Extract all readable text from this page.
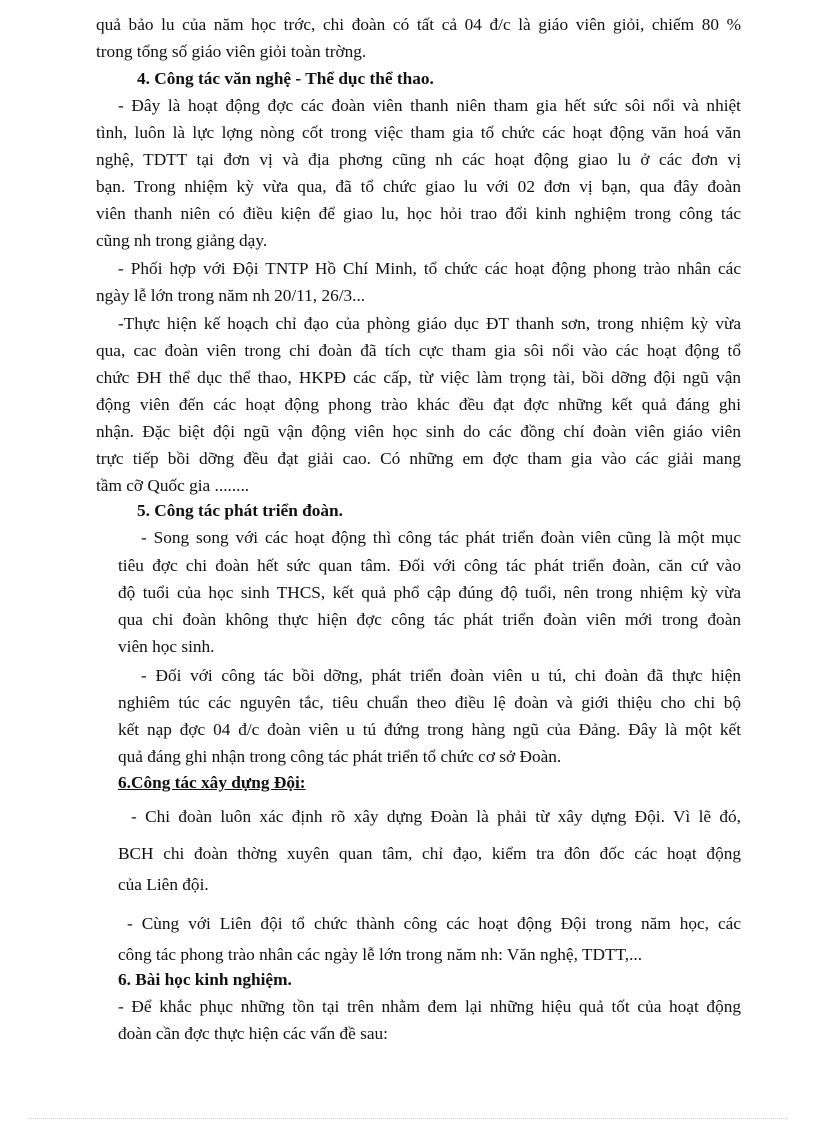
quả bảo lu của năm học trớc, chi đoàn có tất cả 04 đ/c là giáo viên giỏi, chiếm 80 %
trong tổng số giáo viên giỏi toàn trờng.
4. Công tác văn nghệ - Thể dục thể thao.
- Đây là hoạt động đợc các đoàn viên thanh niên tham gia hết sức sôi nổi và nhiệt
tình, luôn là lực lợng nòng cốt trong việc tham gia tổ chức các hoạt động văn hoá văn
nghệ, TDTT tại đơn vị và địa phơng cũng nh các hoạt động giao lu ở các đơn vị
bạn. Trong nhiệm kỳ vừa qua, đã tổ chức giao lu với 02 đơn vị bạn, qua đây đoàn
viên thanh niên có điều kiện để giao lu, học hỏi trao đổi kinh nghiệm trong công tác
cũng nh trong giảng dạy.
- Phối hợp với Đội TNTP Hồ Chí Minh, tổ chức các hoạt động phong trào nhân các
ngày lễ lớn trong năm nh 20/11, 26/3...
-Thực hiện kế hoạch chỉ đạo của phòng giáo dục ĐT thanh sơn, trong nhiệm kỳ vừa
qua, cac đoàn viên trong chi đoàn đã tích cực tham gia sôi nổi vào các hoạt động tổ
chức ĐH thể dục thể thao, HKPĐ các cấp, từ việc làm trọng tài, bồi dỡng đội ngũ vận
động viên đến các hoạt động phong trào khác đều đạt đợc những kết quả đáng ghi
nhận. Đặc biệt đội ngũ vận động viên học sinh do các đồng chí đoàn viên giáo viên
trực tiếp bồi dỡng đều đạt giải cao. Có những em đợc tham gia vào các giải mang
tầm cỡ Quốc gia ........
5. Công tác phát triển đoàn.
- Song song với các hoạt động thì công tác phát triển đoàn viên cũng là một mục
tiêu đợc chi đoàn hết sức quan tâm. Đối với công tác phát triển đoàn, căn cứ vào
độ tuổi của học sinh THCS, kết quả phổ cập đúng độ tuổi, nên trong nhiệm kỳ vừa
qua chi đoàn không thực hiện đợc công tác phát triển đoàn viên mới trong đoàn
viên học sinh.
- Đối với công tác bồi dỡng, phát triển đoàn viên u tú, chi đoàn đã thực hiện
nghiêm túc các nguyên tắc, tiêu chuẩn theo điều lệ đoàn và giới thiệu cho chi bộ
kết nạp đợc 04 đ/c đoàn viên u tú đứng trong hàng ngũ của Đảng. Đây là một kết
quả đáng ghi nhận trong công tác phát triển tổ chức cơ sở Đoàn.
6.Công tác xây dựng Đội:
- Chi đoàn luôn xác định rõ xây dựng Đoàn là phải từ xây dựng Đội. Vì lẽ đó,
BCH chi đoàn thờng xuyên quan tâm, chỉ đạo, kiểm tra đôn đốc các hoạt động
của Liên đội.
- Cùng với Liên đội tổ chức thành công các hoạt động Đội trong năm học, các
công tác phong trào nhân các ngày lễ lớn trong năm nh: Văn nghệ, TDTT,...
6. Bài học kinh nghiệm.
- Để khắc phục những tồn tại trên nhằm đem lại những hiệu quả tốt của hoạt động
đoàn cần đợc thực hiện các vấn đề sau:
